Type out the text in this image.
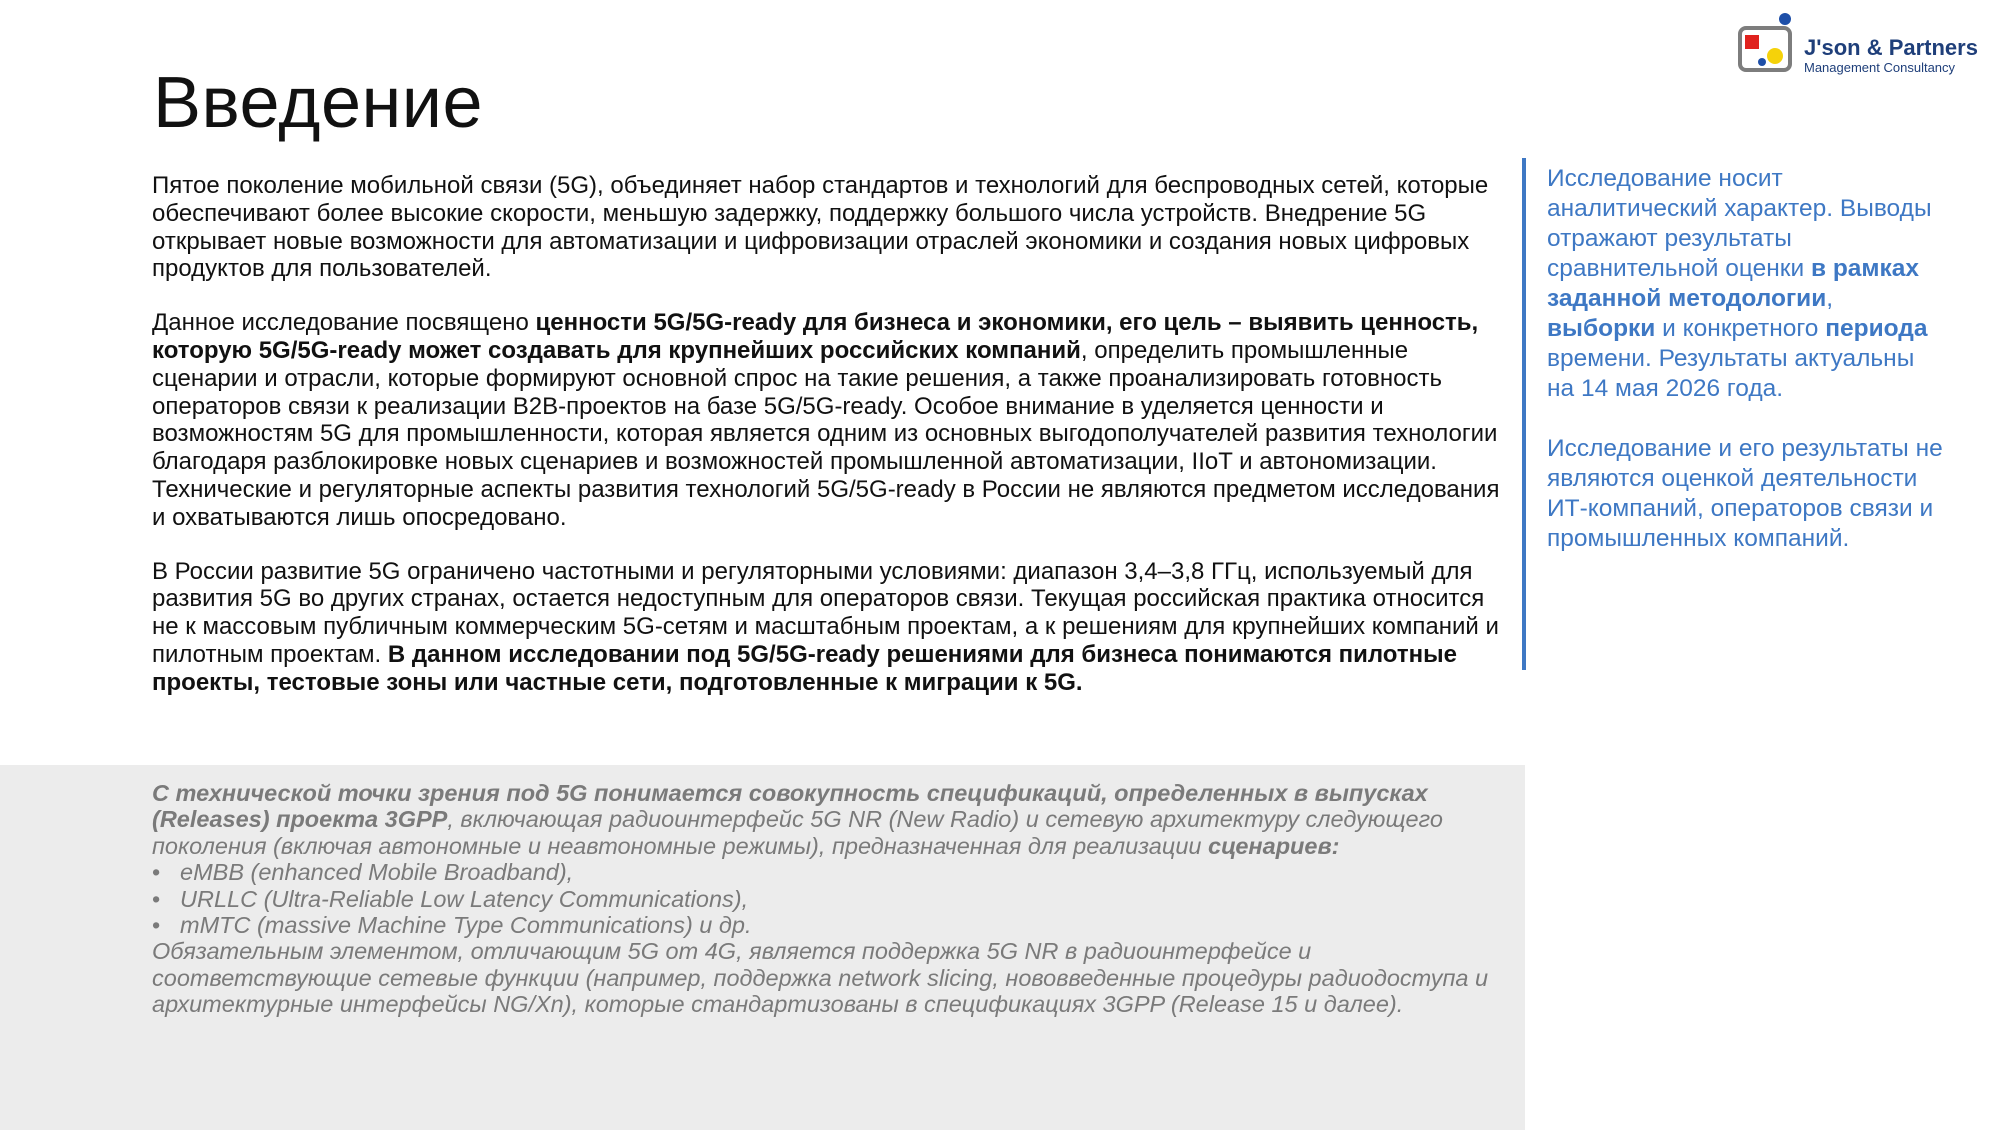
Введение
J'son & Partners
Management Consultancy

Пятое поколение мобильной связи (5G), объединяет набор стандартов и технологий для беспроводных сетей, которые обеспечивают более высокие скорости, меньшую задержку, поддержку большого числа устройств. Внедрение 5G открывает новые возможности для автоматизации и цифровизации отраслей экономики и создания новых цифровых продуктов для пользователей.

Данное исследование посвящено ценности 5G/5G-ready для бизнеса и экономики, его цель – выявить ценность, которую 5G/5G-ready может создавать для крупнейших российских компаний, определить промышленные сценарии и отрасли, которые формируют основной спрос на такие решения, а также проанализировать готовность операторов связи к реализации B2B-проектов на базе 5G/5G-ready. Особое внимание в уделяется ценности и возможностям 5G для промышленности, которая является одним из основных выгодополучателей развития технологии благодаря разблокировке новых сценариев и возможностей промышленной автоматизации, IIoT и автономизации. Технические и регуляторные аспекты развития технологий 5G/5G-ready в России не являются предметом исследования и охватываются лишь опосредовано.

В России развитие 5G ограничено частотными и регуляторными условиями: диапазон 3,4–3,8 ГГц, используемый для развития 5G во других странах, остается недоступным для операторов связи. Текущая российская практика относится не к массовым публичным коммерческим 5G-сетям и масштабным проектам, а к решениям для крупнейших компаний и пилотным проектам. В данном исследовании под 5G/5G-ready решениями для бизнеса понимаются пилотные проекты, тестовые зоны или частные сети, подготовленные к миграции к 5G.

С технической точки зрения под 5G понимается совокупность спецификаций, определенных в выпусках (Releases) проекта 3GPP, включающая радиоинтерфейс 5G NR (New Radio) и сетевую архитектуру следующего поколения (включая автономные и неавтономные режимы), предназначенная для реализации сценариев:

• eMBB (enhanced Mobile Broadband),
• URLLC (Ultra-Reliable Low Latency Communications),
• mMTC (massive Machine Type Communications) и др.

Обязательным элементом, отличающим 5G от 4G, является поддержка 5G NR в радиоинтерфейсе и соответствующие сетевые функции (например, поддержка network slicing, нововведенные процедуры радиодоступа и архитектурные интерфейсы NG/Xn), которые стандартизованы в спецификациях 3GPP (Release 15 и далее).

Исследование носит аналитический характер. Выводы отражают результаты сравнительной оценки в рамках заданной методологии, выборки и конкретного периода времени. Результаты актуальны на 14 мая 2026 года.

Исследование и его результаты не являются оценкой деятельности ИТ-компаний, операторов связи и промышленных компаний.
